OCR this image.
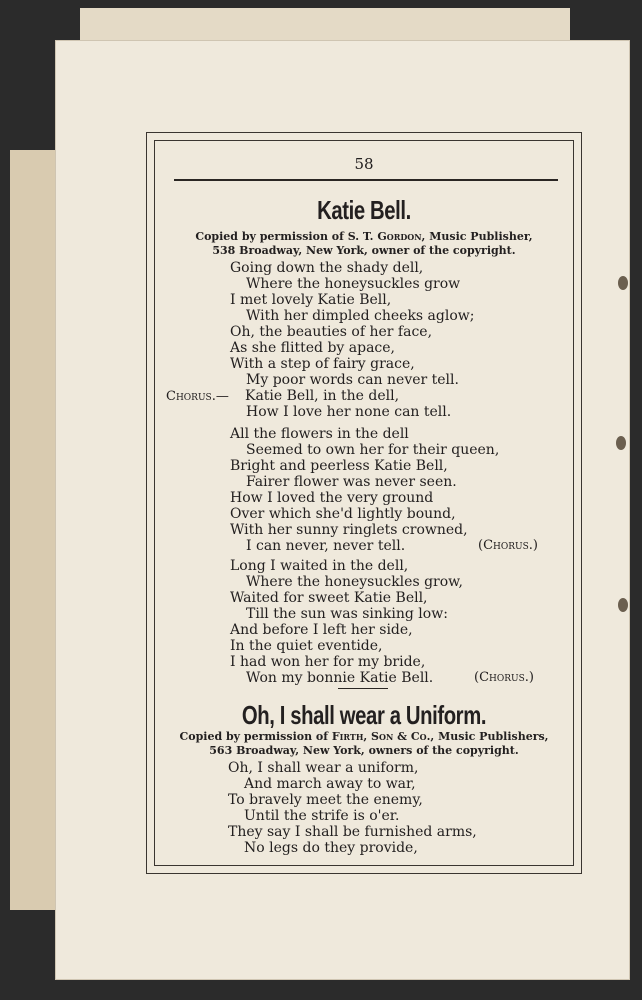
58
Katie Bell.
Copied by permission of S. T. Gordon, Music Publisher,
538 Broadway, New York, owner of the copyright.
Going down the shady dell,
Where the honeysuckles grow
I met lovely Katie Bell,
With her dimpled cheeks aglow;
Oh, the beauties of her face,
As she flitted by apace,
With a step of fairy grace,
My poor words can never tell.
Chorus.— Katie Bell, in the dell,
How I love her none can tell.
All the flowers in the dell
Seemed to own her for their queen,
Bright and peerless Katie Bell,
Fairer flower was never seen.
How I loved the very ground
Over which she'd lightly bound,
With her sunny ringlets crowned,
I can never, never tell.	(Chorus.)
Long I waited in the dell,
Where the honeysuckles grow,
Waited for sweet Katie Bell,
Till the sun was sinking low:
And before I left her side,
In the quiet eventide,
I had won her for my bride,
Won my bonnie Katie Bell.	(Chorus.)
Oh, I shall wear a Uniform.
Copied by permission of Firth, Son & Co., Music Publishers,
563 Broadway, New York, owners of the copyright.
Oh, I shall wear a uniform,
And march away to war,
To bravely meet the enemy,
Until the strife is o'er.
They say I shall be furnished arms,
No legs do they provide,
